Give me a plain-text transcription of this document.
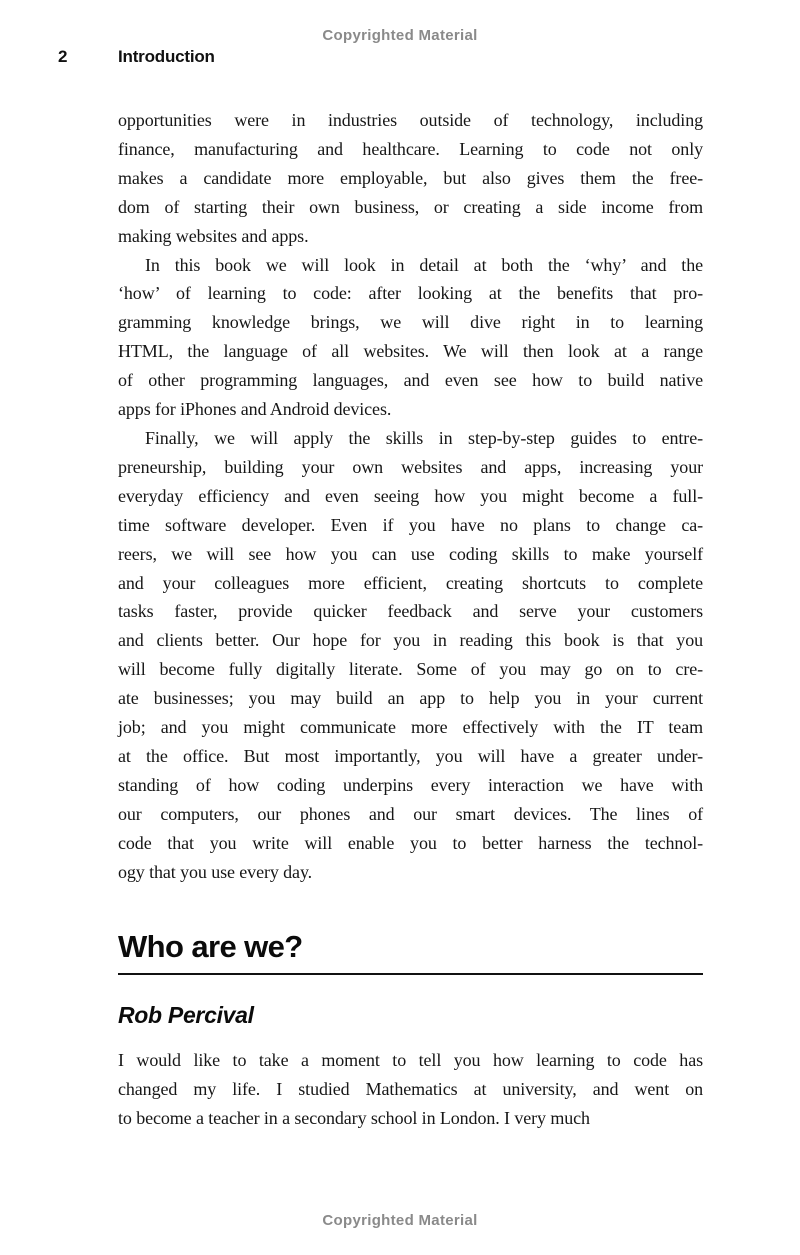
Copyrighted Material
2	Introduction

opportunities were in industries outside of technology, including
finance, manufacturing and healthcare. Learning to code not only
makes a candidate more employable, but also gives them the free-
dom of starting their own business, or creating a side income from
making websites and apps.

In this book we will look in detail at both the ‘why’ and the
‘how’ of learning to code: after looking at the benefits that pro-
gramming knowledge brings, we will dive right in to learning
HTML, the language of all websites. We will then look at a range
of other programming languages, and even see how to build native
apps for iPhones and Android devices.

Finally, we will apply the skills in step-by-step guides to entre-
preneurship, building your own websites and apps, increasing your
everyday efficiency and even seeing how you might become a full-
time software developer. Even if you have no plans to change ca-
reers, we will see how you can use coding skills to make yourself
and your colleagues more efficient, creating shortcuts to complete
tasks faster, provide quicker feedback and serve your customers
and clients better. Our hope for you in reading this book is that you
will become fully digitally literate. Some of you may go on to cre-
ate businesses; you may build an app to help you in your current
job; and you might communicate more effectively with the IT team
at the office. But most importantly, you will have a greater under-
standing of how coding underpins every interaction we have with
our computers, our phones and our smart devices. The lines of
code that you write will enable you to better harness the technol-
ogy that you use every day.

Who are we?
Rob Percival

I would like to take a moment to tell you how learning to code has
changed my life. I studied Mathematics at university, and went on
to become a teacher in a secondary school in London. I very much

Copyrighted Material
